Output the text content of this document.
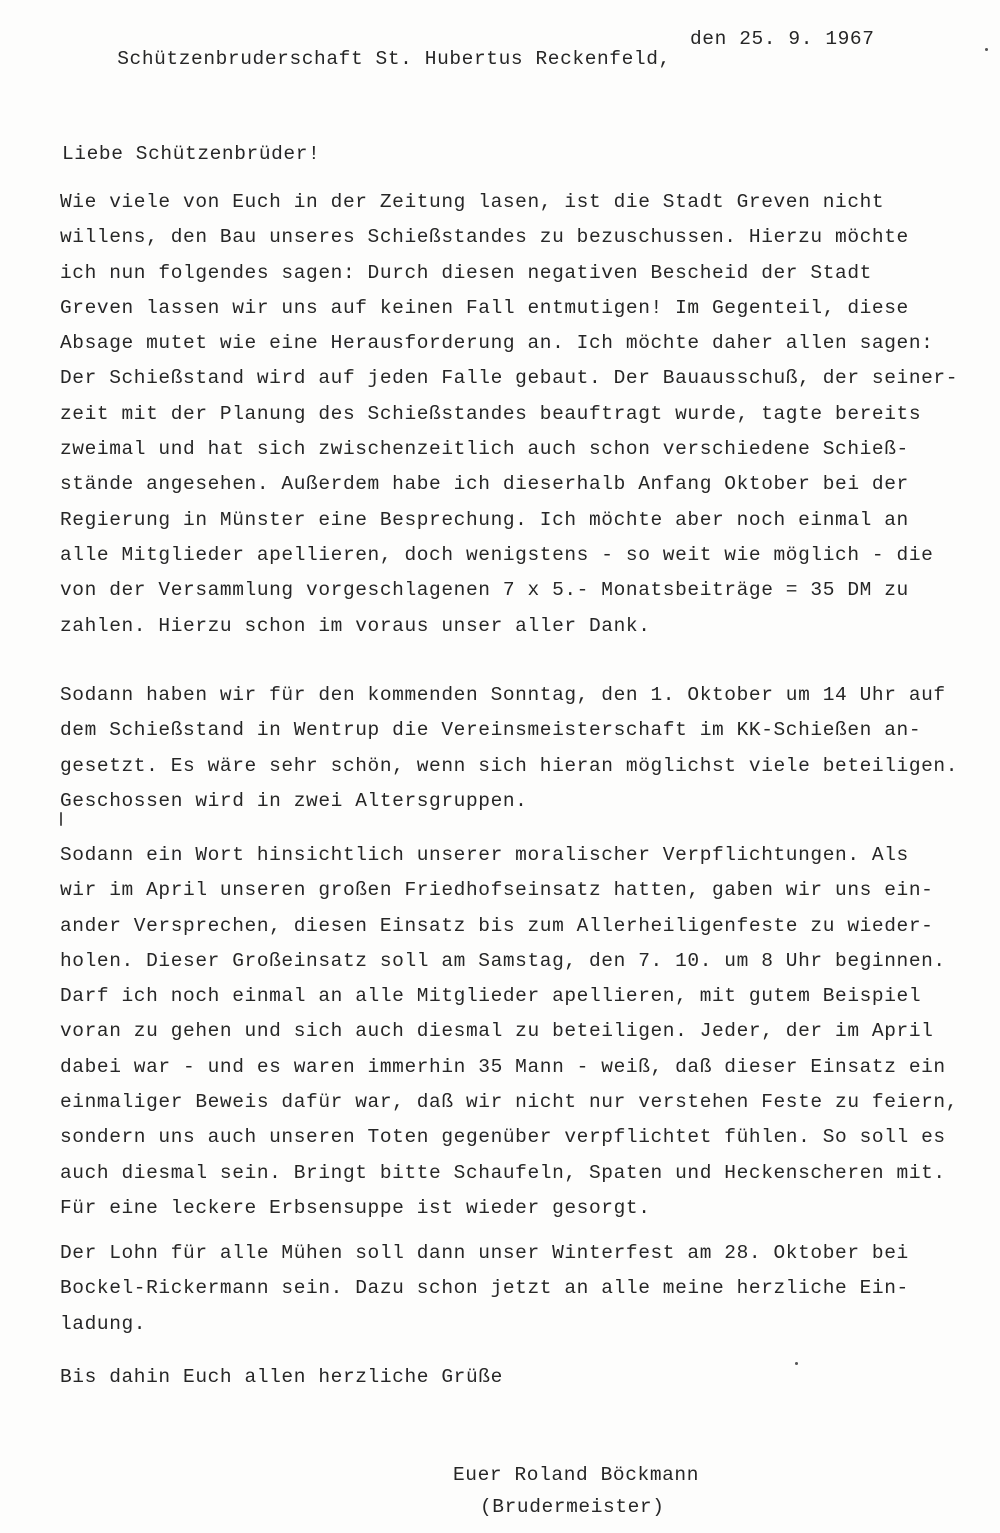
Schützenbruderschaft St. Hubertus Reckenfeld,

den 25. 9. 1967

Liebe Schützenbrüder!
Wie viele von Euch in der Zeitung lasen, ist die Stadt Greven nicht
willens, den Bau unseres Schießstandes zu bezuschussen. Hierzu möchte
ich nun folgendes sagen: Durch diesen negativen Bescheid der Stadt
Greven lassen wir uns auf keinen Fall entmutigen! Im Gegenteil, diese
Absage mutet wie eine Herausforderung an. Ich möchte daher allen sagen:
Der Schießstand wird auf jeden Falle gebaut. Der Bauausschuß, der seiner-
zeit mit der Planung des Schießstandes beauftragt wurde, tagte bereits
zweimal und hat sich zwischenzeitlich auch schon verschiedene Schieß-
stände angesehen. Außerdem habe ich dieserhalb Anfang Oktober bei der
Regierung in Münster eine Besprechung. Ich möchte aber noch einmal an
alle Mitglieder apellieren, doch wenigstens - so weit wie möglich - die
von der Versammlung vorgeschlagenen 7 x 5.- Monatsbeiträge = 35 DM zu
zahlen. Hierzu schon im voraus unser aller Dank.
Sodann haben wir für den kommenden Sonntag, den 1. Oktober um 14 Uhr auf
dem Schießstand in Wentrup die Vereinsmeisterschaft im KK-Schießen an-
gesetzt. Es wäre sehr schön, wenn sich hieran möglichst viele beteiligen.
Geschossen wird in zwei Altersgruppen.
Sodann ein Wort hinsichtlich unserer moralischer Verpflichtungen. Als
wir im April unseren großen Friedhofseinsatz hatten, gaben wir uns ein-
ander Versprechen, diesen Einsatz bis zum Allerheiligenfeste zu wieder-
holen. Dieser Großeinsatz soll am Samstag, den 7. 10. um 8 Uhr beginnen.
Darf ich noch einmal an alle Mitglieder apellieren, mit gutem Beispiel
voran zu gehen und sich auch diesmal zu beteiligen. Jeder, der im April
dabei war - und es waren immerhin 35 Mann - weiß, daß dieser Einsatz ein
einmaliger Beweis dafür war, daß wir nicht nur verstehen Feste zu feiern,
sondern uns auch unseren Toten gegenüber verpflichtet fühlen. So soll es
auch diesmal sein. Bringt bitte Schaufeln, Spaten und Heckenscheren mit.
Für eine leckere Erbsensuppe ist wieder gesorgt.
Der Lohn für alle Mühen soll dann unser Winterfest am 28. Oktober bei
Bockel-Rickermann sein. Dazu schon jetzt an alle meine herzliche Ein-
ladung.
Bis dahin Euch allen herzliche Grüße
Euer Roland Böckmann
(Brudermeister)
